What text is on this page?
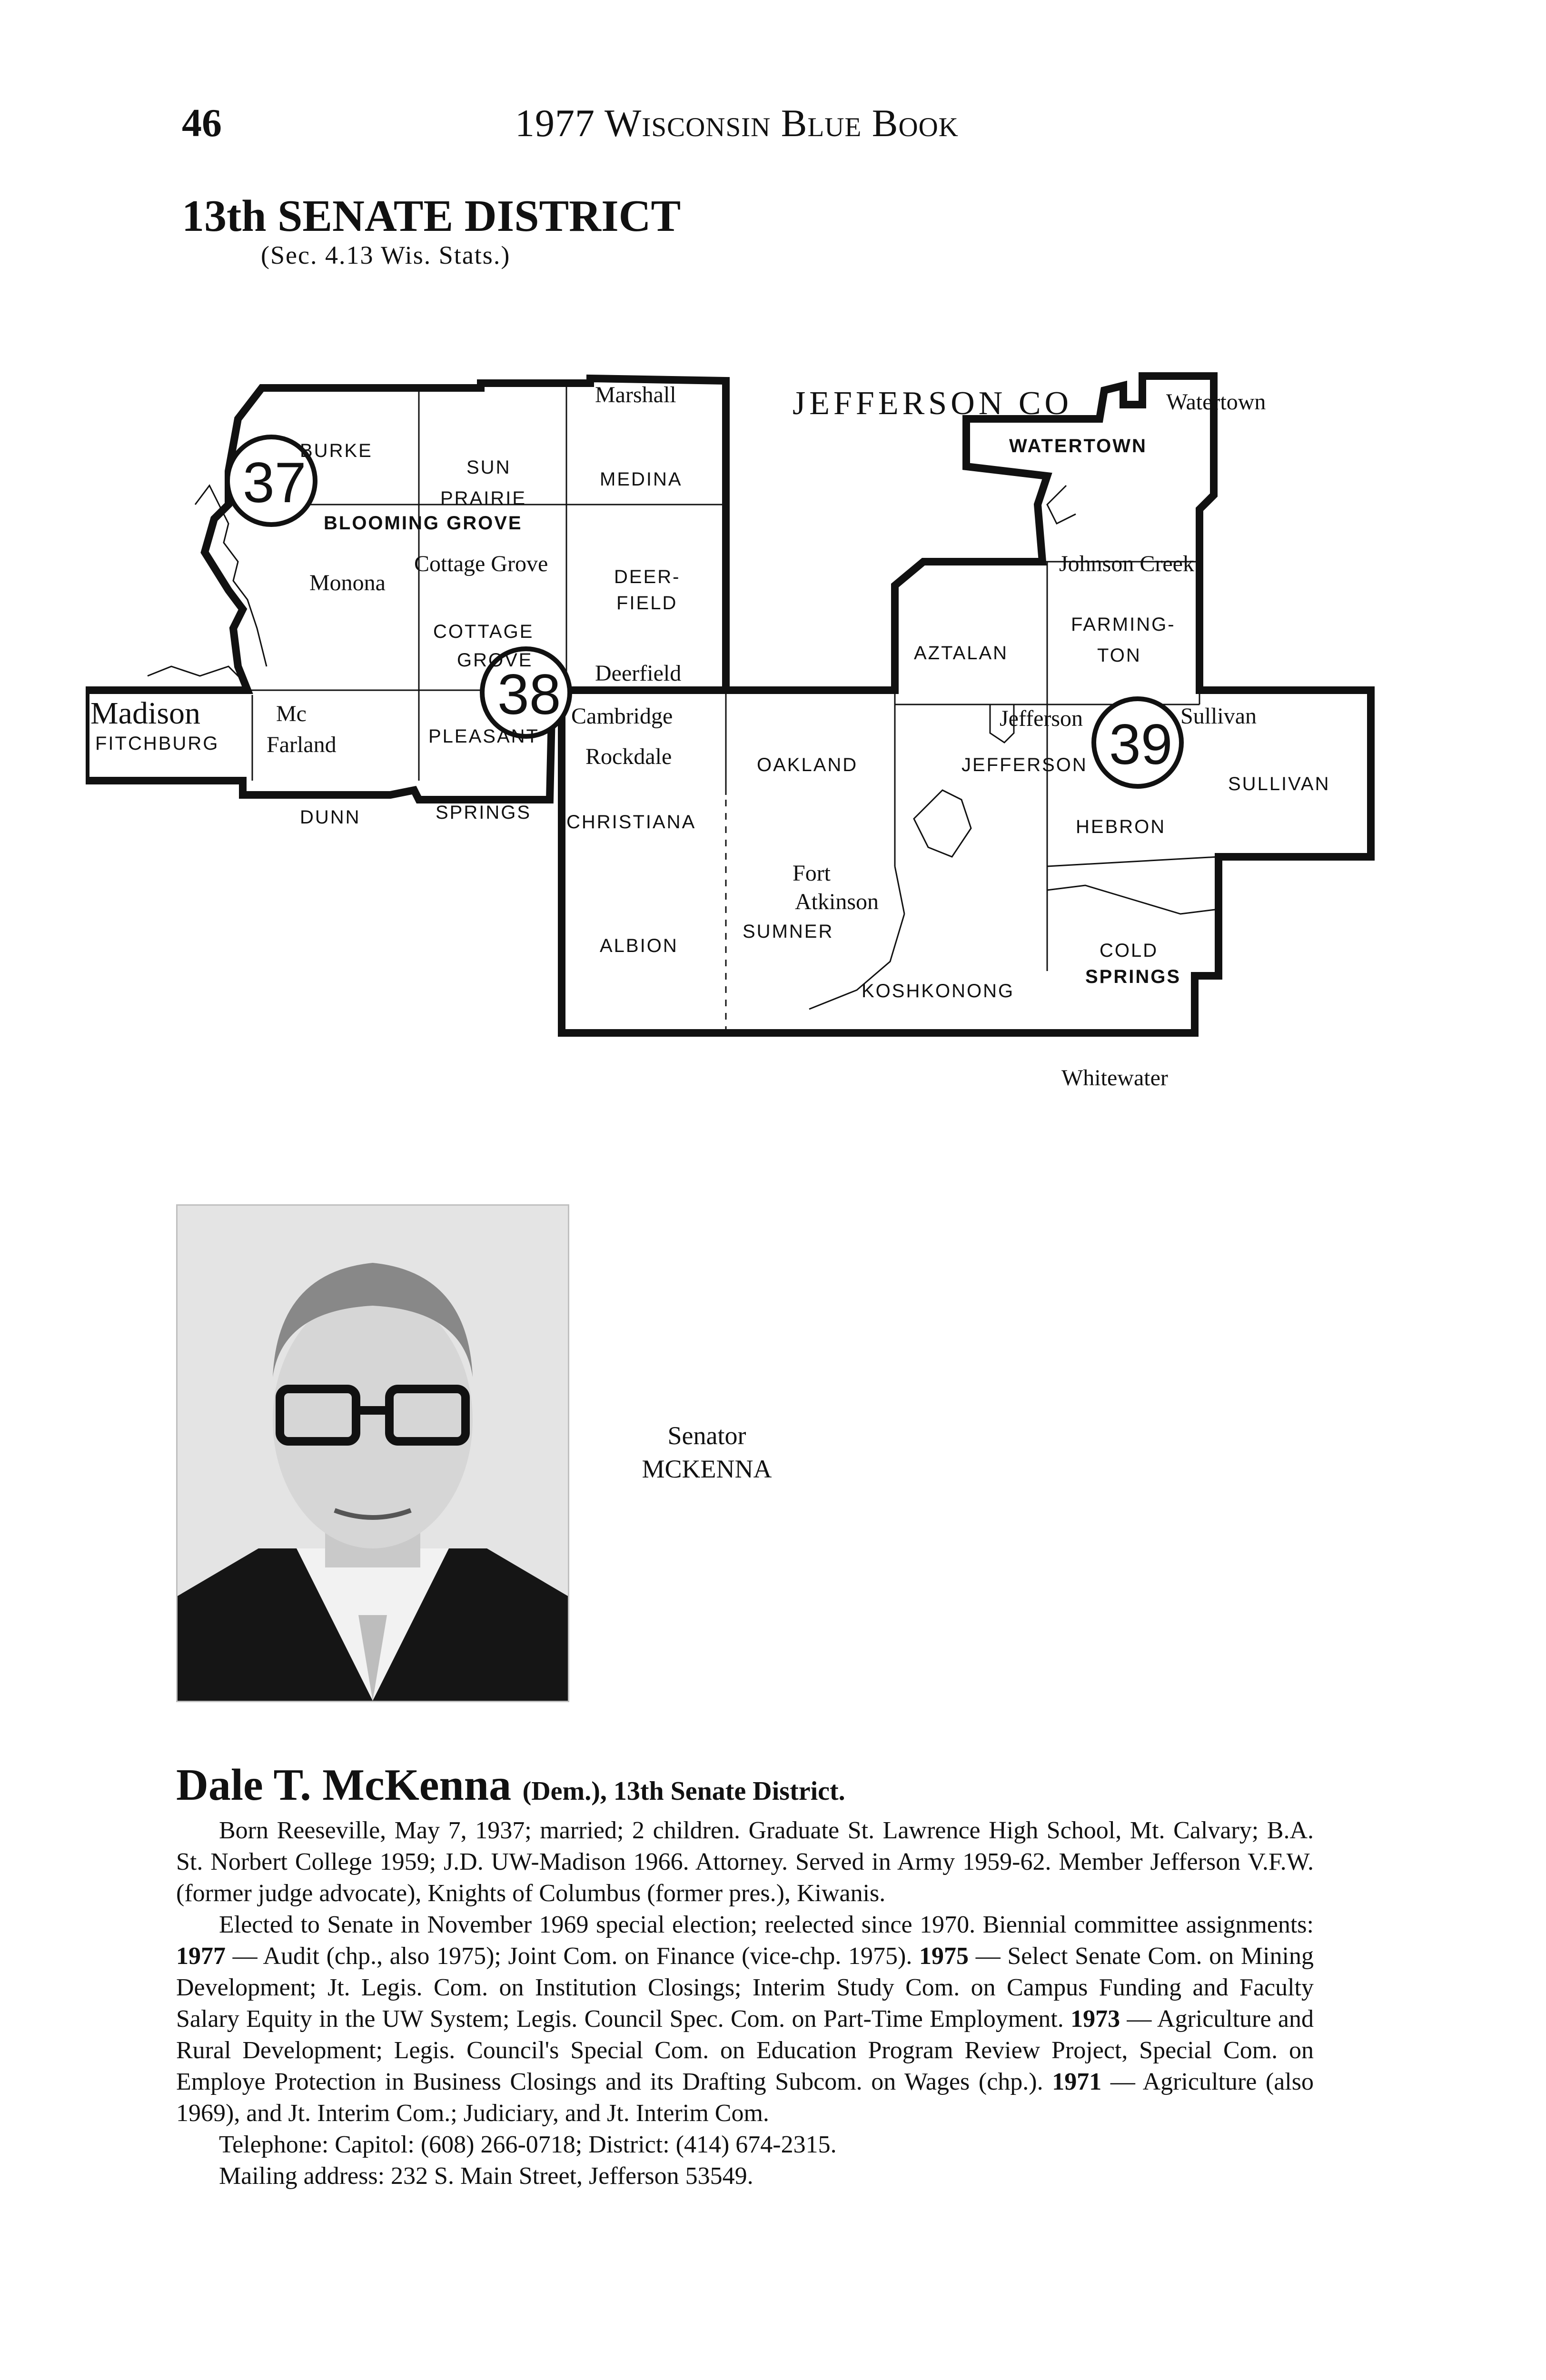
46	1977 Wisconsin Blue Book
13th SENATE DISTRICT
(Sec. 4.13 Wis. Stats.)
37
38
39
JEFFERSON CO
BURKE
SUN
PRAIRIE
BLOOMING GROVE
MEDINA
COTTAGE
GROVE
DEER-
FIELD
FITCHBURG
DUNN
PLEASANT
SPRINGS CHRISTIANA
ALBION
OAKLAND
SUMNER
KOSHKONONG
AZTALAN
FARMING-
TON
JEFFERSON
HEBRON
SULLIVAN
COLD
SPRINGS
WATERTOWN
Marshall
Monona
Cottage Grove
Deerfield
Madison	Mc
Farland
Cambridge
Rockdale
Fort
Atkinson
Johnson Creek
Jefferson	Sullivan
Watertown
Whitewater
Senator
MCKENNA

Dale T. McKenna (Dem.), 13th Senate District.

Born Reeseville, May 7, 1937; married; 2 children. Graduate St. Lawrence High School, Mt. Calvary; B.A. St. Norbert College 1959; J.D. UW-Madison 1966. Attorney. Served in Army 1959-62. Member Jefferson V.F.W. (former judge advocate), Knights of Columbus (former pres.), Kiwanis.

Elected to Senate in November 1969 special election; reelected since 1970. Biennial committee assignments: 1977 — Audit (chp., also 1975); Joint Com. on Finance (vice-chp. 1975). 1975 — Select Senate Com. on Mining Development; Jt. Legis. Com. on Institution Closings; Interim Study Com. on Campus Funding and Faculty Salary Equity in the UW System; Legis. Council Spec. Com. on Part-Time Employment. 1973 — Agriculture and Rural Development; Legis. Council's Special Com. on Education Program Review Project, Special Com. on Employe Protection in Business Closings and its Drafting Subcom. on Wages (chp.). 1971 — Agriculture (also 1969), and Jt. Interim Com.; Judiciary, and Jt. Interim Com.

Telephone: Capitol: (608) 266-0718; District: (414) 674-2315.

Mailing address: 232 S. Main Street, Jefferson 53549.
